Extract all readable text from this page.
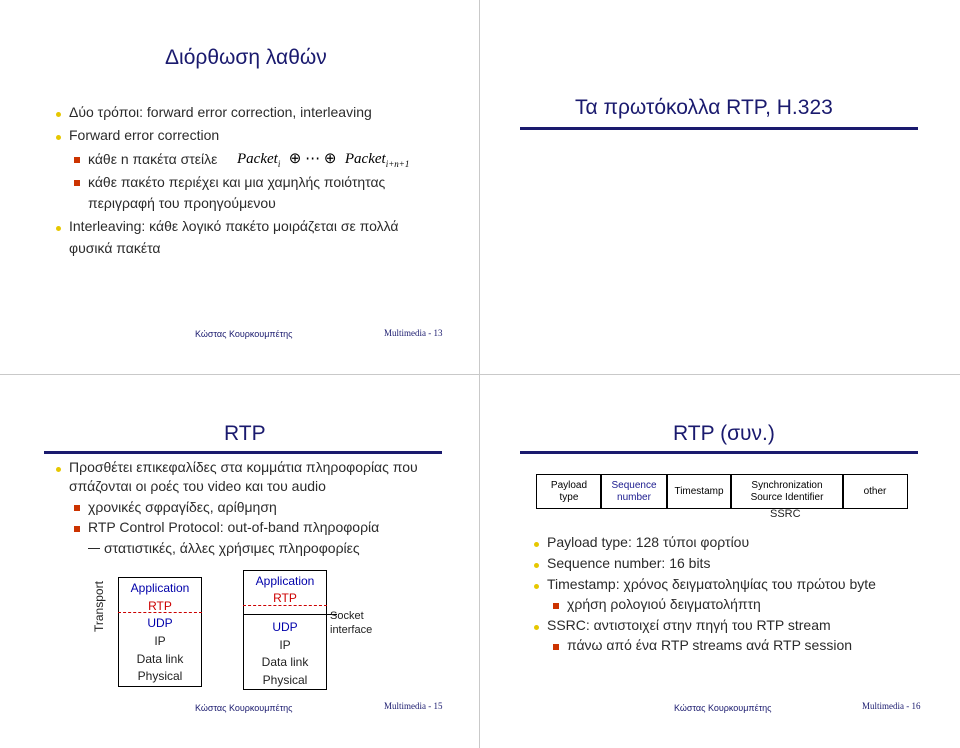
Διόρθωση λαθών
Δύο τρόποι: forward error correction, interleaving
Forward error correction
κάθε n πακέτα στείλε Packet$_i$ ⊕ ⋯ ⊕ Packet$_{i+n+1}$
κάθε πακέτο περιέχει και μια χαμηλής ποιότητας
περιγραφή του προηγούμενου
Interleaving: κάθε λογικό πακέτο μοιράζεται σε πολλά
φυσικά πακέτα
Κώστας Κουρκουμπέτης	Multimedia - 13
Τα πρωτόκολλα RTP, H.323
RTP
Προσθέτει επικεφαλίδες στα κομμάτια πληροφορίας που
σπάζονται οι ροές του video και του audio
χρονικές σφραγίδες, αρίθμηση
RTP Control Protocol: out-of-band πληροφορία
στατιστικές, άλλες χρήσιμες πληροφορίες
Transport	Application
RTP
UDP
IP
Data link
Physical
Application
RTP
UDP
IP
Data link
Physical
Socket
interface
Κώστας Κουρκουμπέτης	Multimedia - 15
RTP (συν.)
Payload
type
Sequence
number
Timestamp
Synchronization
Source Identifier
other
SSRC
Payload type: 128 τύποι φορτίου
Sequence number: 16 bits
Timestamp: χρόνος δειγματοληψίας του πρώτου byte
χρήση ρολογιού δειγματολήπτη
SSRC: αντιστοιχεί στην πηγή του RTP stream
πάνω από ένα RTP streams ανά RTP session
Κώστας Κουρκουμπέτης	Multimedia - 16
